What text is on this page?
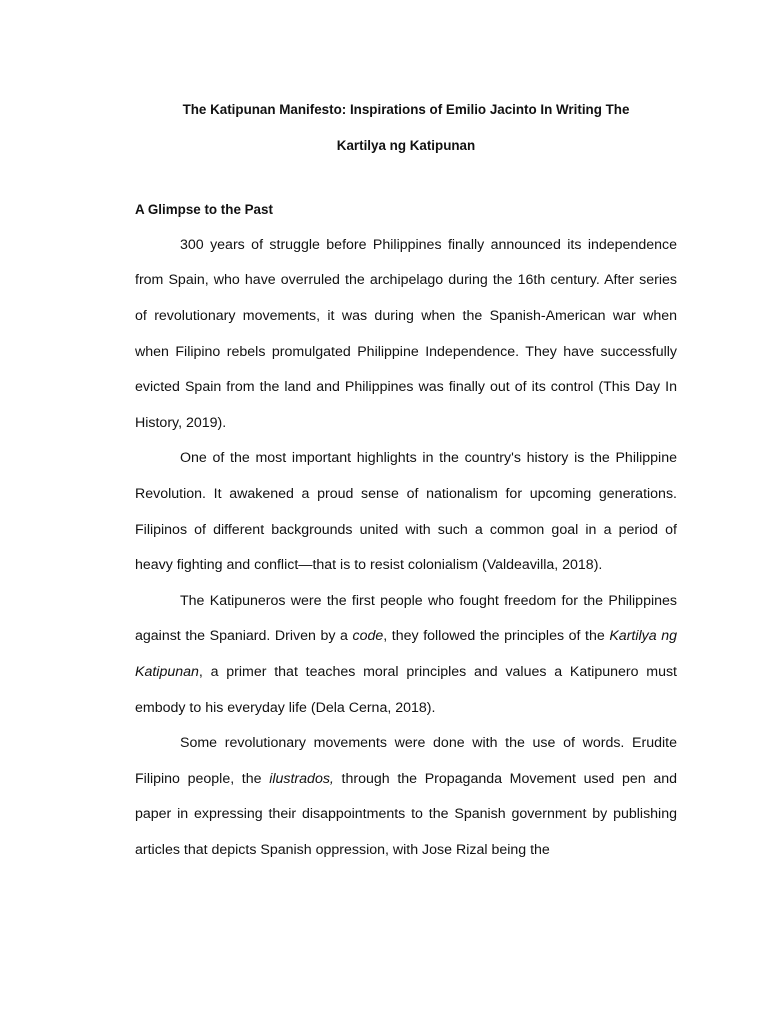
The Katipunan Manifesto: Inspirations of Emilio Jacinto In Writing The
Kartilya ng Katipunan

A Glimpse to the Past

300 years of struggle before Philippines finally announced its independence from Spain, who have overruled the archipelago during the 16th century. After series of revolutionary movements, it was during when the Spanish-American war when when Filipino rebels promulgated Philippine Independence. They have successfully evicted Spain from the land and Philippines was finally out of its control (This Day In History, 2019).

One of the most important highlights in the country's history is the Philippine Revolution. It awakened a proud sense of nationalism for upcoming generations. Filipinos of different backgrounds united with such a common goal in a period of heavy fighting and conflict—that is to resist colonialism (Valdeavilla, 2018).

The Katipuneros were the first people who fought freedom for the Philippines against the Spaniard. Driven by a code, they followed the principles of the Kartilya ng Katipunan, a primer that teaches moral principles and values a Katipunero must embody to his everyday life (Dela Cerna, 2018).

Some revolutionary movements were done with the use of words. Erudite Filipino people, the ilustrados, through the Propaganda Movement used pen and paper in expressing their disappointments to the Spanish government by publishing articles that depicts Spanish oppression, with Jose Rizal being the
